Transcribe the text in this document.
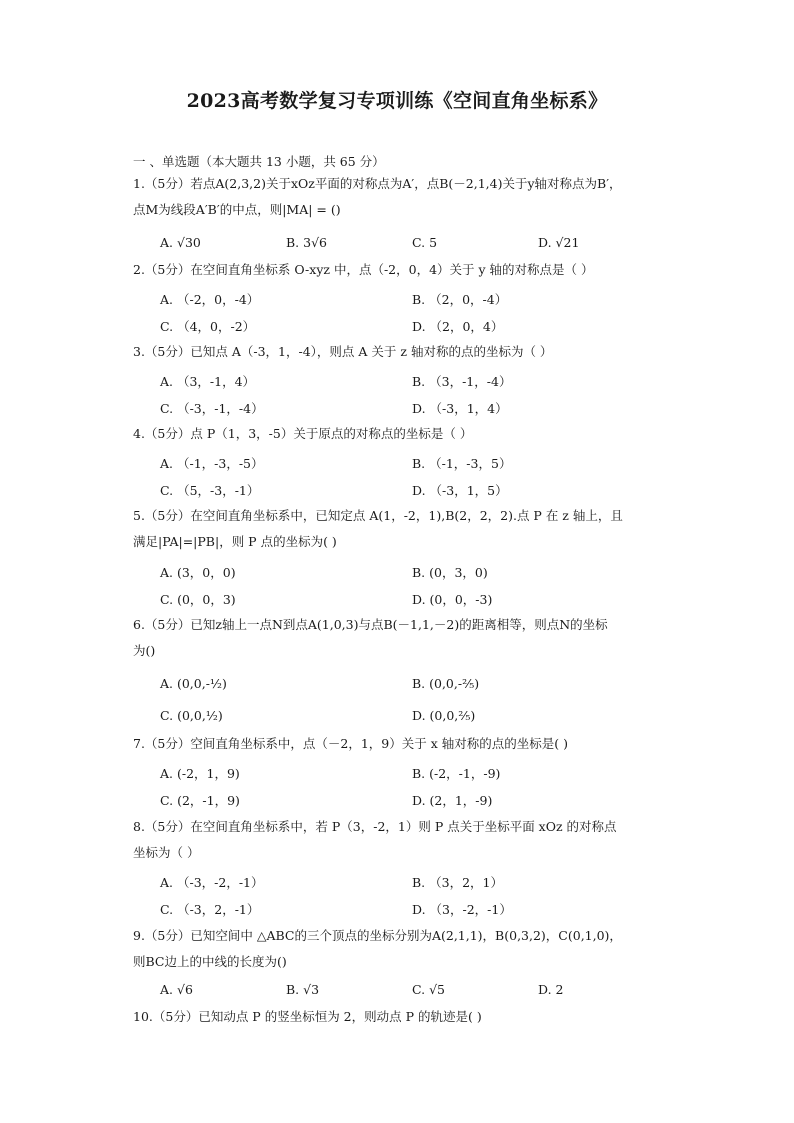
2023高考数学复习专项训练《空间直角坐标系》
一 、单选题（本大题共 13 小题，共 65 分）
1.（5分）若点A(2,3,2)关于xOz平面的对称点为A′，点B(－2,1,4)关于y轴对称点为B′，
点M为线段A′B′的中点，则|MA| = ()
A. √30	B. 3√6	C. 5	D. √21
2.（5分）在空间直角坐标系 O-xyz 中，点（-2，0，4）关于 y 轴的对称点是（ ）
A. （-2，0，-4）	B. （2，0，-4）
C. （4，0，-2）	D. （2，0，4）
3.（5分）已知点 A（-3，1，-4），则点 A 关于 z 轴对称的点的坐标为（ ）
A. （3，-1，4）	B. （3，-1，-4）
C. （-3，-1，-4）	D. （-3，1，4）
4.（5分）点 P（1，3，-5）关于原点的对称点的坐标是（ ）
A. （-1，-3，-5）	B. （-1，-3，5）
C. （5，-3，-1）	D. （-3，1，5）
5.（5分）在空间直角坐标系中，已知定点 A(1，-2，1),B(2，2，2).点 P 在 z 轴上，且
满足|PA|=|PB|，则 P 点的坐标为( )
A. (3，0，0)	B. (0，3，0)
C. (0，0，3)	D. (0，0，-3)
6.（5分）已知z轴上一点N到点A(1,0,3)与点B(－1,1,－2)的距离相等，则点N的坐标
为()
A. (0,0,-½)	B. (0,0,-⅖)
C. (0,0,½)	D. (0,0,⅖)
7.（5分）空间直角坐标系中，点（－2，1，9）关于 x 轴对称的点的坐标是( )
A. (-2，1，9)	B. (-2，-1，-9)
C. (2，-1，9)	D. (2，1，-9)
8.（5分）在空间直角坐标系中，若 P（3，-2，1）则 P 点关于坐标平面 xOz 的对称点
坐标为（ ）
A. （-3，-2，-1）	B. （3，2，1）
C. （-3，2，-1）	D. （3，-2，-1）
9.（5分）已知空间中 △ABC的三个顶点的坐标分别为A(2,1,1)，B(0,3,2)，C(0,1,0)，
则BC边上的中线的长度为()
A. √6	B. √3	C. √5	D. 2
10.（5分）已知动点 P 的竖坐标恒为 2，则动点 P 的轨迹是( )
